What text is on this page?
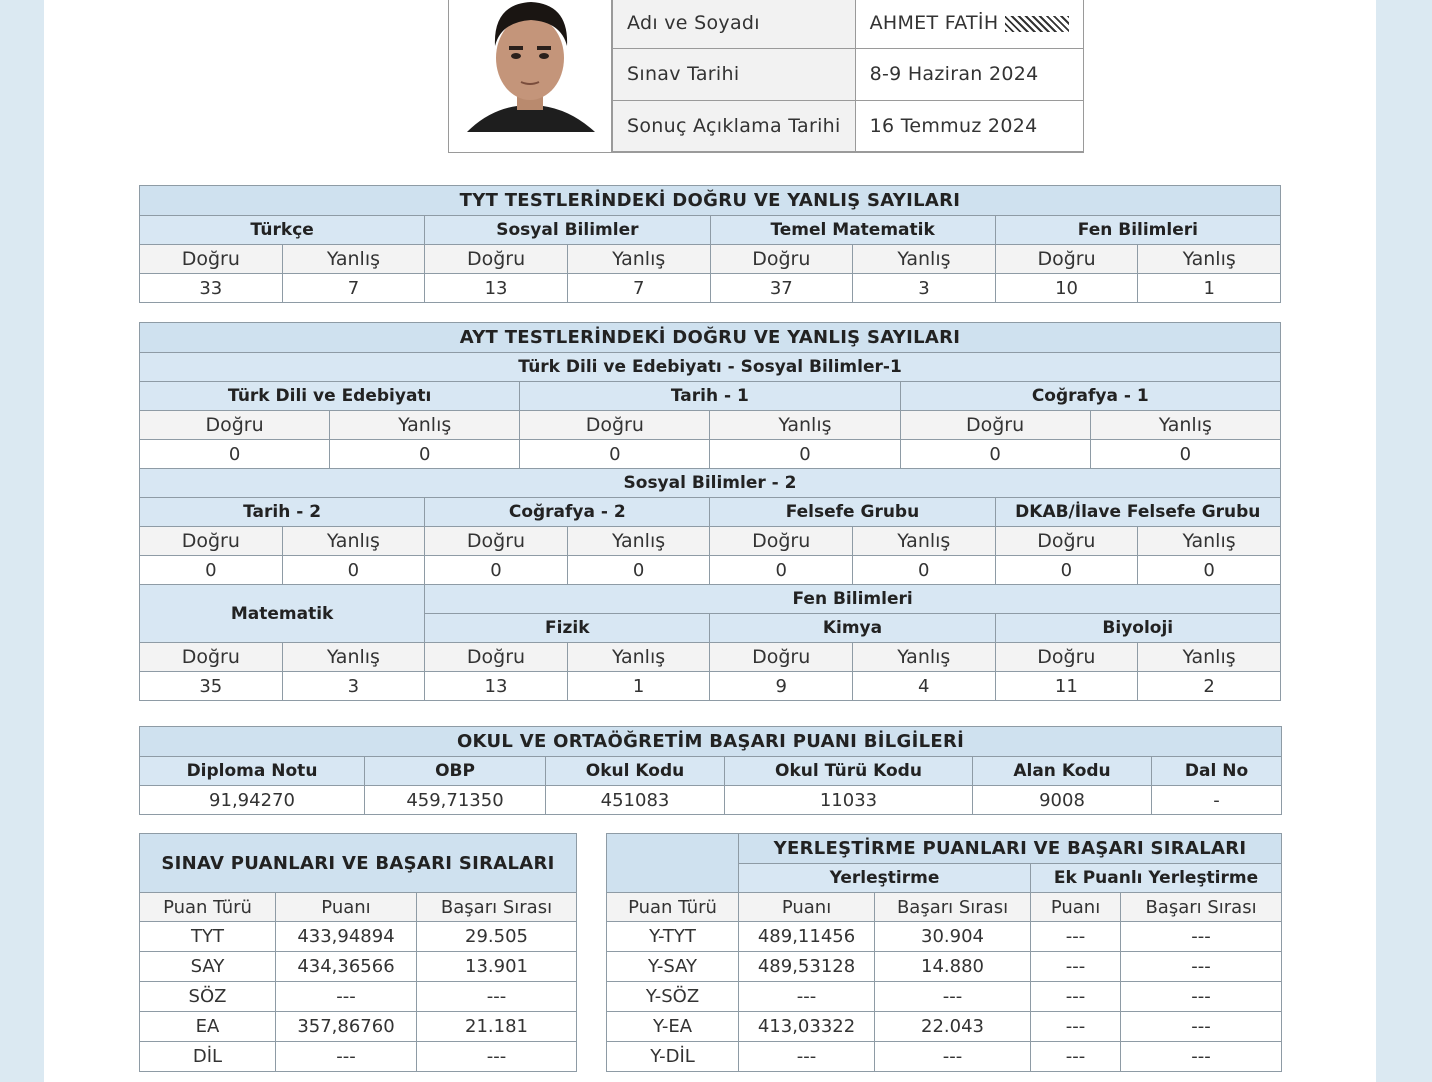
Adı ve Soyadı	AHMET FATİH
Sınav Tarihi	8-9 Haziran 2024
Sonuç Açıklama Tarihi	16 Temmuz 2024
TYT TESTLERİNDEKİ DOĞRU VE YANLIŞ SAYILARI							
Türkçe		Sosyal Bilimler		Temel Matematik		Fen Bilimleri	
Doğru	Yanlış	Doğru	Yanlış	Doğru	Yanlış	Doğru	Yanlış
33	7	13	7	37	3	10	1
AYT TESTLERİNDEKİ DOĞRU VE YANLIŞ SAYILARI											
Türk Dili ve Edebiyatı - Sosyal Bilimler-1											
Türk Dili ve Edebiyatı				Tarih - 1				Coğrafya - 1			
Doğru		Yanlış		Doğru		Yanlış		Doğru		Yanlış	
0		0		0		0		0		0	
Sosyal Bilimler - 2											
Tarih - 2			Coğrafya - 2			Felsefe Grubu			DKAB/İlave Felsefe Grubu		
Doğru	Yanlış		Doğru		Yanlış	Doğru	Yanlış		Doğru		Yanlış
0	0		0		0	0	0		0		0
Matematik			Fen Bilimleri								
			Fizik			Kimya			Biyoloji		
Doğru	Yanlış		Doğru		Yanlış	Doğru	Yanlış		Doğru		Yanlış
35	3		13		1	9	4		11		2
OKUL VE ORTAÖĞRETİM BAŞARI PUANI BİLGİLERİ					
Diploma Notu	OBP	Okul Kodu	Okul Türü Kodu	Alan Kodu	Dal No
91,94270	459,71350	451083	11033	9008	-
SINAV PUANLARI VE BAŞARI SIRALARI					YERLEŞTİRME PUANLARI VE BAŞARI SIRALARI			
					Yerleştirme		Ek Puanlı Yerleştirme	
Puan Türü	Puanı	Başarı Sırası		Puan Türü	Puanı	Başarı Sırası	Puanı	Başarı Sırası
TYT	433,94894	29.505		Y-TYT	489,11456	30.904	---	---
SAY	434,36566	13.901		Y-SAY	489,53128	14.880	---	---
SÖZ	---	---		Y-SÖZ	---	---	---	---
EA	357,86760	21.181		Y-EA	413,03322	22.043	---	---
DİL	---	---		Y-DİL	---	---	---	---
